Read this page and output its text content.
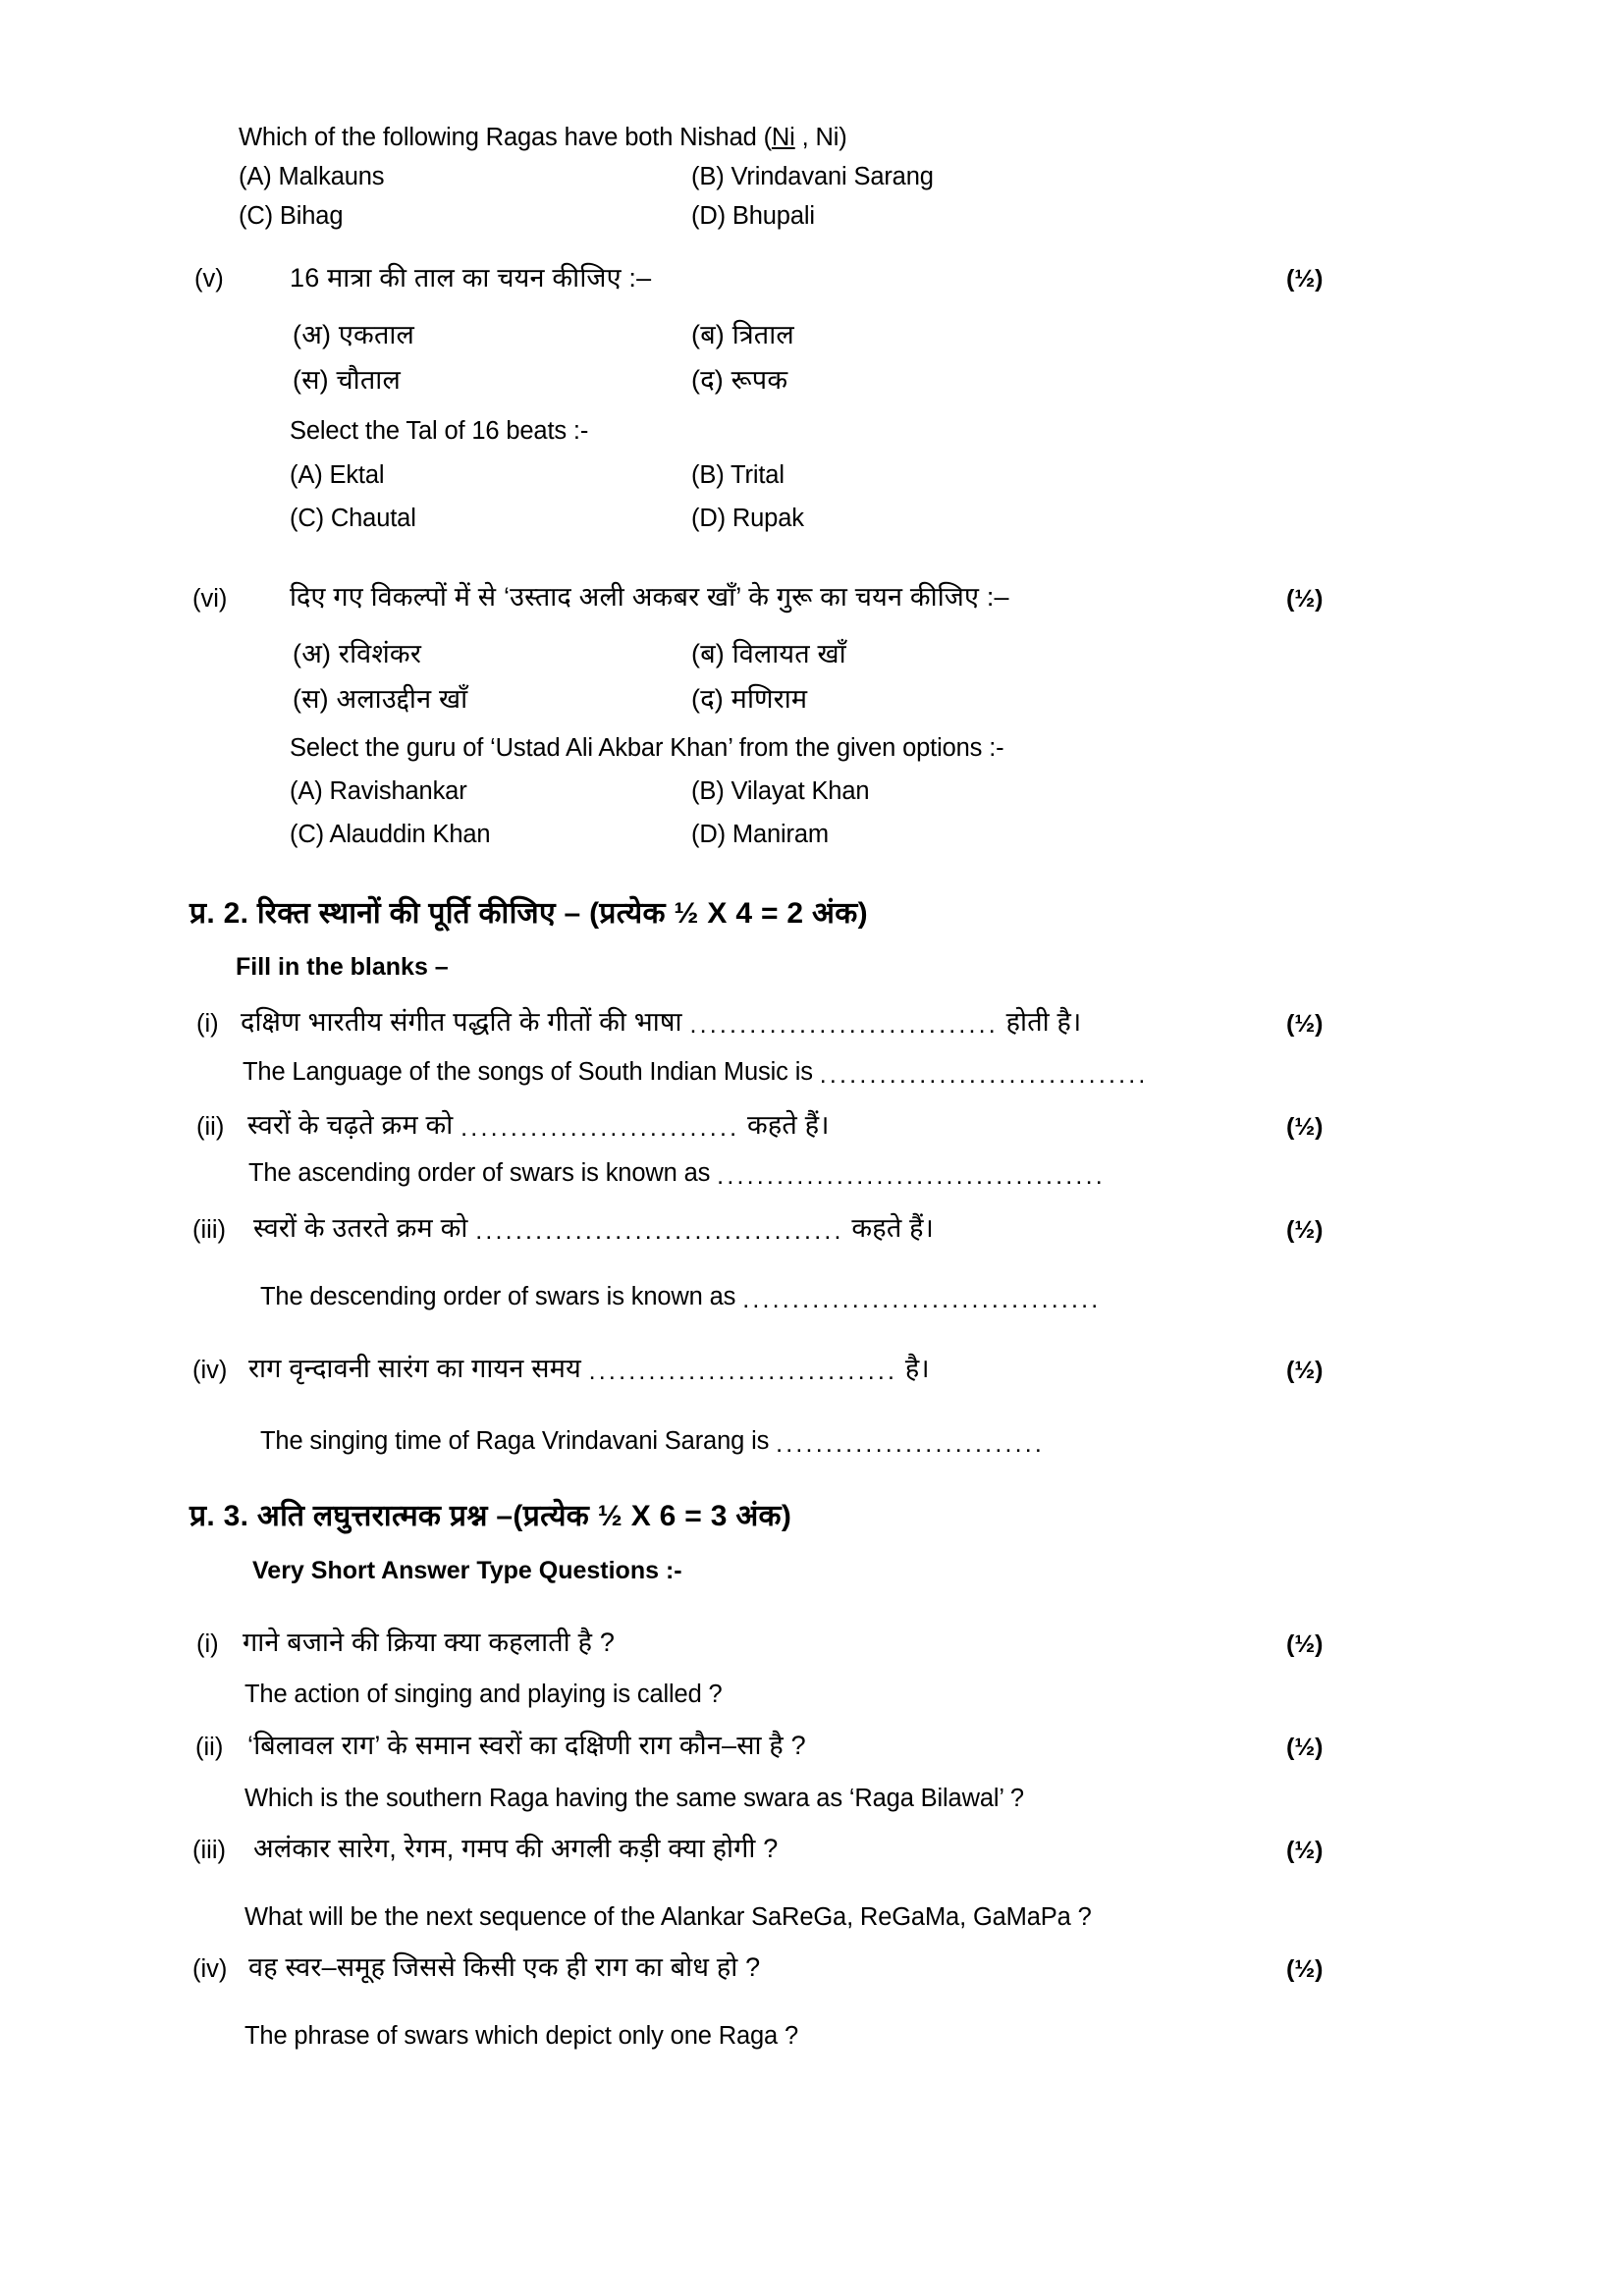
Which of the following Ragas have both Nishad (Ni , Ni)
(A) Malkauns	(B) Vrindavani Sarang
(C) Bihag	(D) Bhupali
(v) 16 मात्रा की ताल का चयन कीजिए :–	(½)
(अ) एकताल	(ब) त्रिताल
(स) चौताल	(द) रूपक
Select the Tal of 16 beats :-
(A) Ektal	(B) Trital
(C) Chautal	(D) Rupak
(vi) दिए गए विकल्पों में से ‘उस्ताद अली अकबर खाँ’ के गुरू का चयन कीजिए :–	(½)
(अ) रविशंकर	(ब) विलायत खाँ
(स) अलाउद्दीन खाँ	(द) मणिराम
Select the guru of ‘Ustad Ali Akbar Khan’ from the given options :-
(A) Ravishankar	(B) Vilayat Khan
(C) Alauddin Khan	(D) Maniram
प्र. 2. रिक्त स्थानों की पूर्ति कीजिए – (प्रत्येक ½ X 4 = 2 अंक)
Fill in the blanks –
(i) दक्षिण भारतीय संगीत पद्धति के गीतों की भाषा ............................... होती है।	(½)
The Language of the songs of South Indian Music is .................................
(ii) स्वरों के चढ़ते क्रम को ............................ कहते हैं।	(½)
The ascending order of swars is known as .......................................
(iii) स्वरों के उतरते क्रम को ..................................... कहते हैं।	(½)
The descending order of swars is known as ....................................
(iv) राग वृन्दावनी सारंग का गायन समय ............................... है।	(½)
The singing time of Raga Vrindavani Sarang is ...........................
प्र. 3. अति लघुत्तरात्मक प्रश्न –(प्रत्येक ½ X 6 = 3 अंक)
Very Short Answer Type Questions :-
(i) गाने बजाने की क्रिया क्या कहलाती है ?	(½)
The action of singing and playing is called ?
(ii) ‘बिलावल राग’ के समान स्वरों का दक्षिणी राग कौन–सा है ?	(½)
Which is the southern Raga having the same swara as ‘Raga Bilawal’ ?
(iii) अलंकार सारेग, रेगम, गमप की अगली कड़ी क्या होगी ?	(½)
What will be the next sequence of the Alankar SaReGa, ReGaMa, GaMaPa ?
(iv) वह स्वर–समूह जिससे किसी एक ही राग का बोध हो ?	(½)
The phrase of swars which depict only one Raga ?
